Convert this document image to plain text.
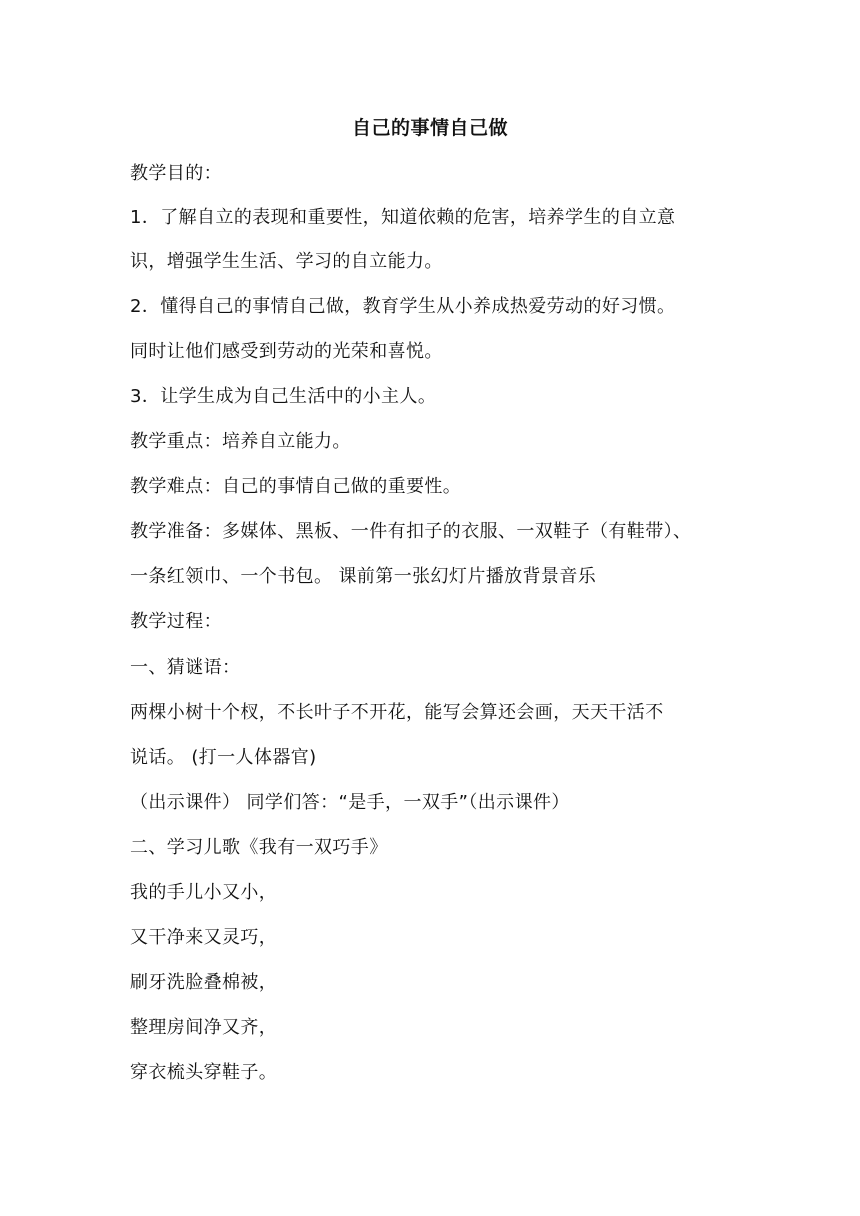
自己的事情自己做
教学目的：
1．了解自立的表现和重要性，知道依赖的危害，培养学生的自立意
识，增强学生生活、学习的自立能力。
2．懂得自己的事情自己做，教育学生从小养成热爱劳动的好习惯。
同时让他们感受到劳动的光荣和喜悦。
3．让学生成为自己生活中的小主人。
教学重点：培养自立能力。
教学难点：自己的事情自己做的重要性。
教学准备：多媒体、黑板、一件有扣子的衣服、一双鞋子（有鞋带）、
一条红领巾、一个书包。 课前第一张幻灯片播放背景音乐
教学过程：
一、猜谜语：
两棵小树十个杈，不长叶子不开花，能写会算还会画，天天干活不
说话。 (打一人体器官)
（出示课件） 同学们答：“是手，一双手”（出示课件）
二、学习儿歌《我有一双巧手》
我的手儿小又小，
又干净来又灵巧，
刷牙洗脸叠棉被，
整理房间净又齐，
穿衣梳头穿鞋子。
